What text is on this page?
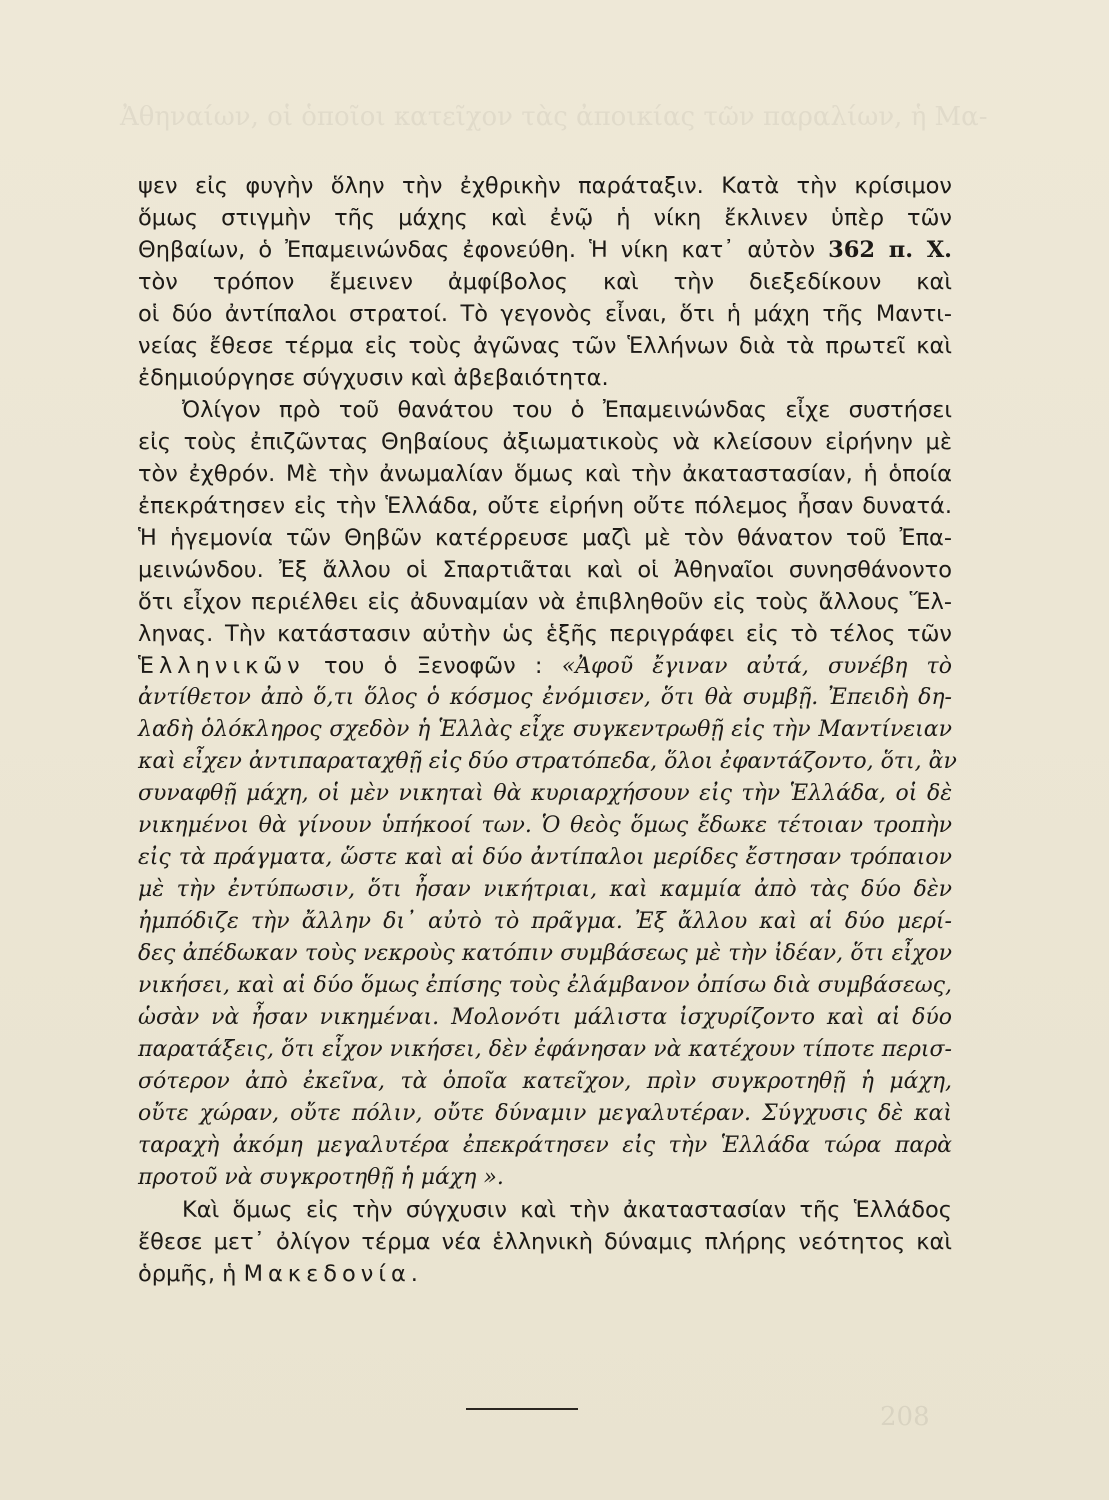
Ἀθηναίων, οἱ ὁποῖοι κατεῖχον τὰς ἀποικίας τῶν παραλίων, ἡ Μα-
ψεν εἰς φυγὴν ὅλην τὴν ἐχθρικὴν παράταξιν. Κατὰ τὴν κρίσιμον
ὅμως στιγμὴν τῆς μάχης καὶ ἐνῷ ἡ νίκη ἔκλινεν ὑπὲρ τῶν
Θηβαίων, ὁ Ἐπαμεινώνδας ἐφονεύθη. Ἡ νίκη κατ᾽ αὐτὸν 362 π. Χ.
τὸν τρόπον ἔμεινεν ἀμφίβολος καὶ τὴν διεξεδίκουν καὶ
οἱ δύο ἀντίπαλοι στρατοί. Τὸ γεγονὸς εἶναι, ὅτι ἡ μάχη τῆς Μαντι-
νείας ἔθεσε τέρμα εἰς τοὺς ἀγῶνας τῶν Ἑλλήνων διὰ τὰ πρωτεῖ καὶ
ἐδημιούργησε σύγχυσιν καὶ ἀβεβαιότητα.
Ὀλίγον πρὸ τοῦ θανάτου του ὁ Ἐπαμεινώνδας εἶχε συστήσει
εἰς τοὺς ἐπιζῶντας Θηβαίους ἀξιωματικοὺς νὰ κλείσουν εἰρήνην μὲ
τὸν ἐχθρόν. Μὲ τὴν ἀνωμαλίαν ὅμως καὶ τὴν ἀκαταστασίαν, ἡ ὁποία
ἐπεκράτησεν εἰς τὴν Ἑλλάδα, οὔτε εἰρήνη οὔτε πόλεμος ἦσαν δυνατά.
Ἡ ἡγεμονία τῶν Θηβῶν κατέρρευσε μαζὶ μὲ τὸν θάνατον τοῦ Ἐπα-
μεινώνδου. Ἐξ ἄλλου οἱ Σπαρτιᾶται καὶ οἱ Ἀθηναῖοι συνησθάνοντο
ὅτι εἶχον περιέλθει εἰς ἀδυναμίαν νὰ ἐπιβληθοῦν εἰς τοὺς ἄλλους Ἕλ-
ληνας. Τὴν κατάστασιν αὐτὴν ὡς ἑξῆς περιγράφει εἰς τὸ τέλος τῶν
Ἑλληνικῶν του ὁ Ξενοφῶν : «Ἀφοῦ ἔγιναν αὐτά, συνέβη τὸ
ἀντίθετον ἀπὸ ὅ,τι ὅλος ὁ κόσμος ἐνόμισεν, ὅτι θὰ συμβῇ. Ἐπειδὴ δη-
λαδὴ ὁλόκληρος σχεδὸν ἡ Ἑλλὰς εἶχε συγκεντρωθῇ εἰς τὴν Μαντίνειαν
καὶ εἶχεν ἀντιπαραταχθῇ εἰς δύο στρατόπεδα, ὅλοι ἐφαντάζοντο, ὅτι, ἂν
συναφθῇ μάχη, οἱ μὲν νικηταὶ θὰ κυριαρχήσουν εἰς τὴν Ἑλλάδα, οἱ δὲ
νικημένοι θὰ γίνουν ὑπήκοοί των. Ὁ θεὸς ὅμως ἔδωκε τέτοιαν τροπὴν
εἰς τὰ πράγματα, ὥστε καὶ αἱ δύο ἀντίπαλοι μερίδες ἔστησαν τρόπαιον
μὲ τὴν ἐντύπωσιν, ὅτι ἦσαν νικήτριαι, καὶ καμμία ἀπὸ τὰς δύο δὲν
ἠμπόδιζε τὴν ἄλλην δι᾽ αὐτὸ τὸ πρᾶγμα. Ἐξ ἄλλου καὶ αἱ δύο μερί-
δες ἀπέδωκαν τοὺς νεκροὺς κατόπιν συμβάσεως μὲ τὴν ἰδέαν, ὅτι εἶχον
νικήσει, καὶ αἱ δύο ὅμως ἐπίσης τοὺς ἐλάμβανον ὀπίσω διὰ συμβάσεως,
ὡσὰν νὰ ἦσαν νικημέναι. Μολονότι μάλιστα ἰσχυρίζοντο καὶ αἱ δύο
παρατάξεις, ὅτι εἶχον νικήσει, δὲν ἐφάνησαν νὰ κατέχουν τίποτε περισ-
σότερον ἀπὸ ἐκεῖνα, τὰ ὁποῖα κατεῖχον, πρὶν συγκροτηθῇ ἡ μάχη,
οὔτε χώραν, οὔτε πόλιν, οὔτε δύναμιν μεγαλυτέραν. Σύγχυσις δὲ καὶ
ταραχὴ ἀκόμη μεγαλυτέρα ἐπεκράτησεν εἰς τὴν Ἑλλάδα τώρα παρὰ
προτοῦ νὰ συγκροτηθῇ ἡ μάχη ».
Καὶ ὅμως εἰς τὴν σύγχυσιν καὶ τὴν ἀκαταστασίαν τῆς Ἑλλάδος
ἔθεσε μετ᾽ ὀλίγον τέρμα νέα ἑλληνικὴ δύναμις πλήρης νεότητος καὶ
ὁρμῆς, ἡ Μακεδονία.
208
